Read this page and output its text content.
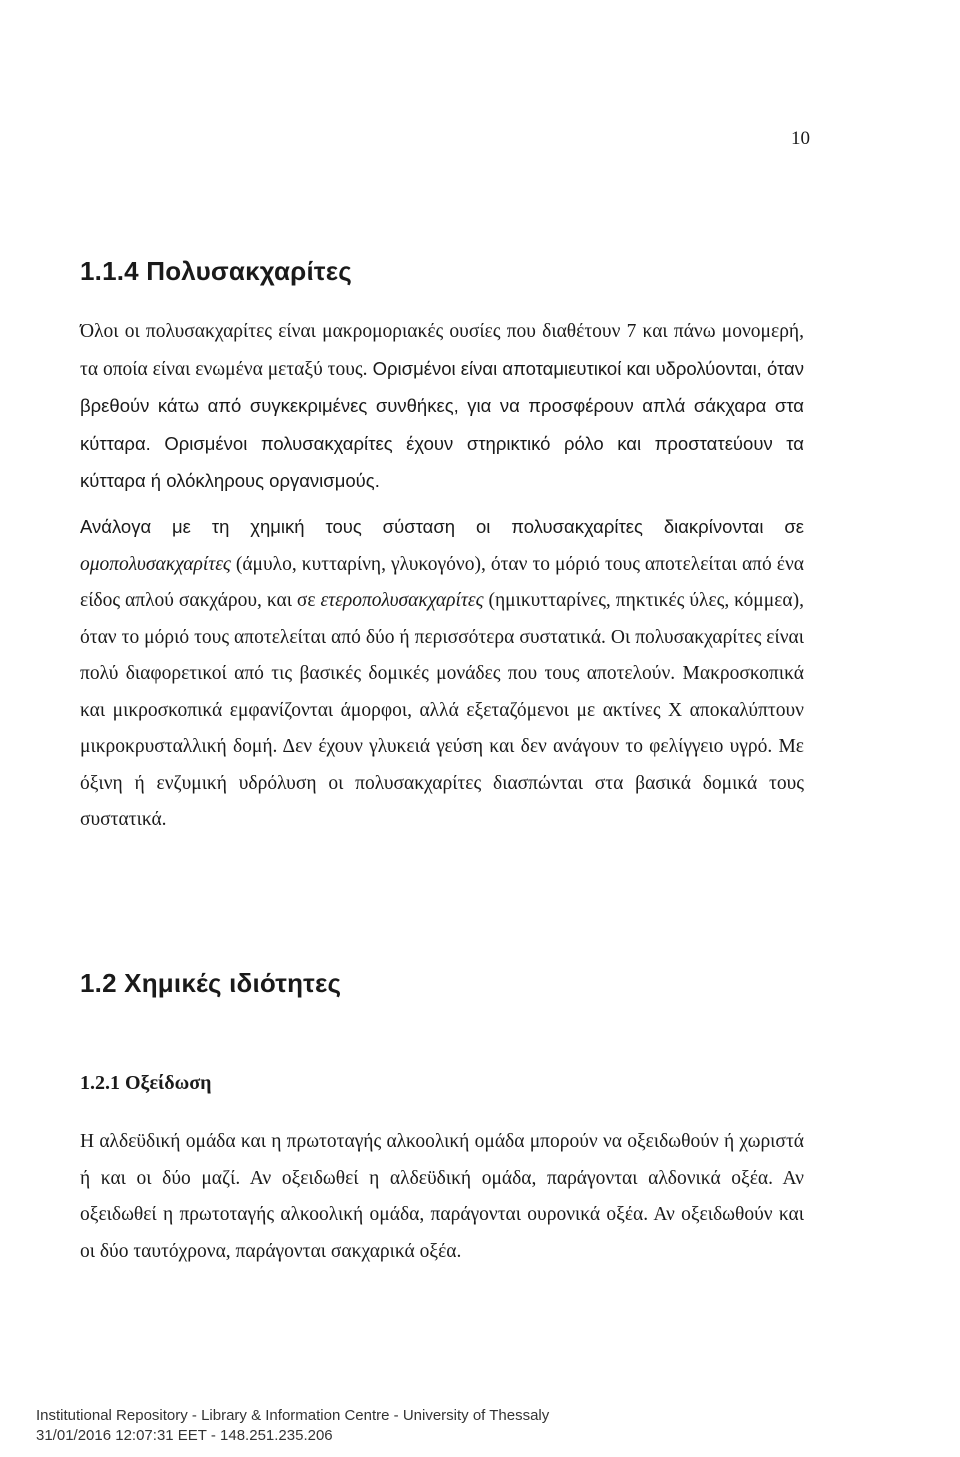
10
1.1.4 Πολυσακχαρίτες

Όλοι οι πολυσακχαρίτες είναι μακρομοριακές ουσίες που διαθέτουν 7 και πάνω μονομερή, τα οποία είναι ενωμένα μεταξύ τους. Ορισμένοι είναι αποταμιευτικοί και υδρολύονται, όταν βρεθούν κάτω από συγκεκριμένες συνθήκες, για να προσφέρουν απλά σάκχαρα στα κύτταρα. Ορισμένοι πολυσακχαρίτες έχουν στηρικτικό ρόλο και προστατεύουν τα κύτταρα ή ολόκληρους οργανισμούς.

Ανάλογα με τη χημική τους σύσταση οι πολυσακχαρίτες διακρίνονται σε ομοπολυσακχαρίτες (άμυλο, κυτταρίνη, γλυκογόνο), όταν το μόριό τους αποτελείται από ένα είδος απλού σακχάρου, και σε ετεροπολυσακχαρίτες (ημικυτταρίνες, πηκτικές ύλες, κόμμεα), όταν το μόριό τους αποτελείται από δύο ή περισσότερα συστατικά. Οι πολυσακχαρίτες είναι πολύ διαφορετικοί από τις βασικές δομικές μονάδες που τους αποτελούν. Μακροσκοπικά και μικροσκοπικά εμφανίζονται άμορφοι, αλλά εξεταζόμενοι με ακτίνες Χ αποκαλύπτουν μικροκρυσταλλική δομή. Δεν έχουν γλυκειά γεύση και δεν ανάγουν το φελίγγειο υγρό. Με όξινη ή ενζυμική υδρόλυση οι πολυσακχαρίτες διασπώνται στα βασικά δομικά τους συστατικά.

1.2 Χημικές ιδιότητες
1.2.1 Οξείδωση

Η αλδεϋδική ομάδα και η πρωτοταγής αλκοολική ομάδα μπορούν να οξειδωθούν ή χωριστά ή και οι δύο μαζί. Αν οξειδωθεί η αλδεϋδική ομάδα, παράγονται αλδονικά οξέα. Αν οξειδωθεί η πρωτοταγής αλκοολική ομάδα, παράγονται ουρονικά οξέα. Αν οξειδωθούν και οι δύο ταυτόχρονα, παράγονται σακχαρικά οξέα.

Institutional Repository - Library & Information Centre - University of Thessaly
31/01/2016 12:07:31 EET - 148.251.235.206
